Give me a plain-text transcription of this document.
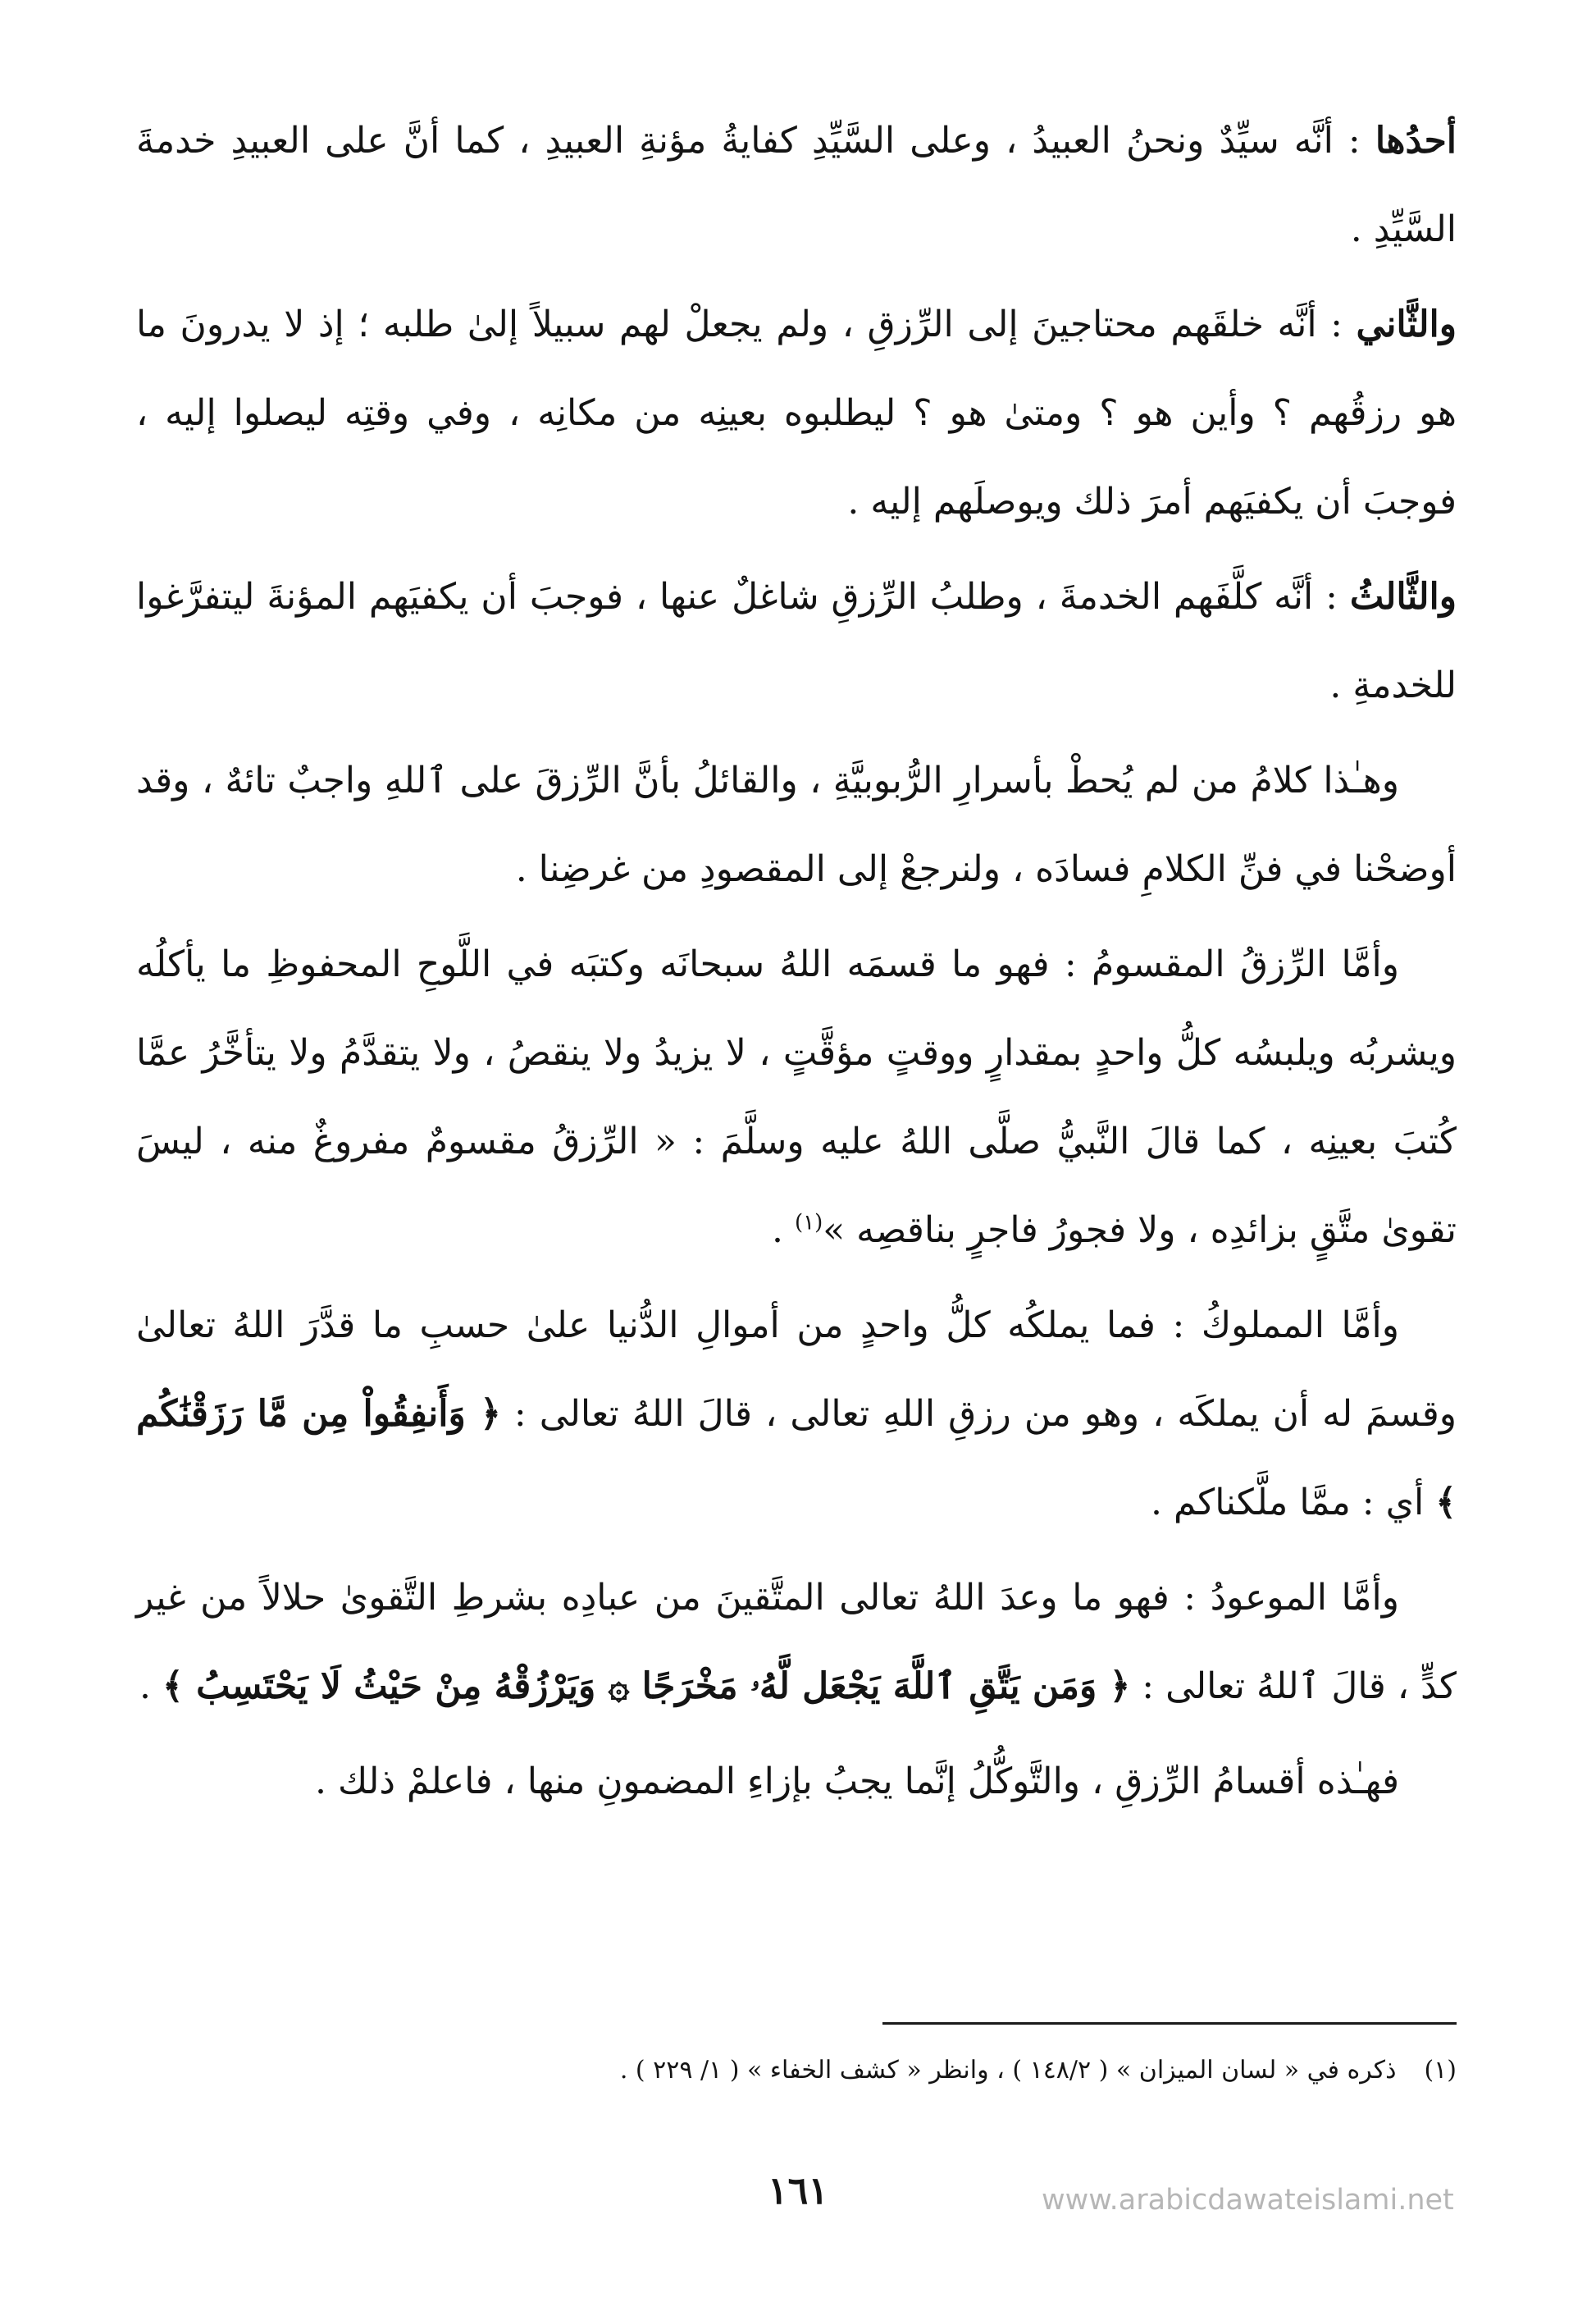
أحدُها : أنَّه سيِّدٌ ونحنُ العبيدُ ، وعلى السَّيِّدِ كفايةُ مؤنةِ العبيدِ ، كما أنَّ على العبيدِ خدمةَ السَّيِّدِ .

والثَّاني : أنَّه خلقَهم محتاجينَ إلى الرِّزقِ ، ولم يجعلْ لهم سبيلاً إلىٰ طلبه ؛ إذ لا يدرونَ ما هو رزقُهم ؟ وأين هو ؟ ومتىٰ هو ؟ ليطلبوه بعينِه من مكانِه ، وفي وقتِه ليصلوا إليه ، فوجبَ أن يكفيَهم أمرَ ذلك ويوصلَهم إليه .

والثَّالثُ : أنَّه كلَّفَهم الخدمةَ ، وطلبُ الرِّزقِ شاغلٌ عنها ، فوجبَ أن يكفيَهم المؤنةَ ليتفرَّغوا للخدمةِ .

وهـٰذا كلامُ من لم يُحطْ بأسرارِ الرُّبوبيَّةِ ، والقائلُ بأنَّ الرِّزقَ على ٱللهِ واجبٌ تائهٌ ، وقد أوضحْنا في فنِّ الكلامِ فسادَه ، ولنرجعْ إلى المقصودِ من غرضِنا .

وأمَّا الرِّزقُ المقسومُ : فهو ما قسمَه اللهُ سبحانَه وكتبَه في اللَّوحِ المحفوظِ ما يأكلُه ويشربُه ويلبسُه كلُّ واحدٍ بمقدارٍ ووقتٍ مؤقَّتٍ ، لا يزيدُ ولا ينقصُ ، ولا يتقدَّمُ ولا يتأخَّرُ عمَّا كُتبَ بعينِه ، كما قالَ النَّبيُّ صلَّى اللهُ عليه وسلَّمَ : « الرِّزقُ مقسومٌ مفروغٌ منه ، ليسَ تقوىٰ متَّقٍ بزائدِه ، ولا فجورُ فاجرٍ بناقصِه »$^{(١)}$ .

وأمَّا المملوكُ : فما يملكُه كلُّ واحدٍ من أموالِ الدُّنيا علىٰ حسبِ ما قدَّرَ اللهُ تعالىٰ وقسمَ له أن يملكَه ، وهو من رزقِ اللهِ تعالى ، قالَ اللهُ تعالى : ﴿ وَأَنفِقُواْ مِن مَّا رَزَقْنَٰكُم ﴾ أي : ممَّا ملَّكناكم .

وأمَّا الموعودُ : فهو ما وعدَ اللهُ تعالى المتَّقينَ من عبادِه بشرطِ التَّقوىٰ حلالاً من غير كدٍّ ، قالَ ٱللهُ تعالى : ﴿ وَمَن يَتَّقِ ٱللَّهَ يَجْعَل لَّهُۥ مَخْرَجًا ۞ وَيَرْزُقْهُ مِنْ حَيْثُ لَا يَحْتَسِبُ ﴾ .

فهـٰذه أقسامُ الرِّزقِ ، والتَّوكُّلُ إنَّما يجبُ بإزاءِ المضمونِ منها ، فاعلمْ ذلك .

(١)ذكره في « لسان الميزان » ( ١٤٨/٢ ) ، وانظر « كشف الخفاء » ( ١/ ٢٢٩ ) .
١٦١	www.arabicdawateislami.net
